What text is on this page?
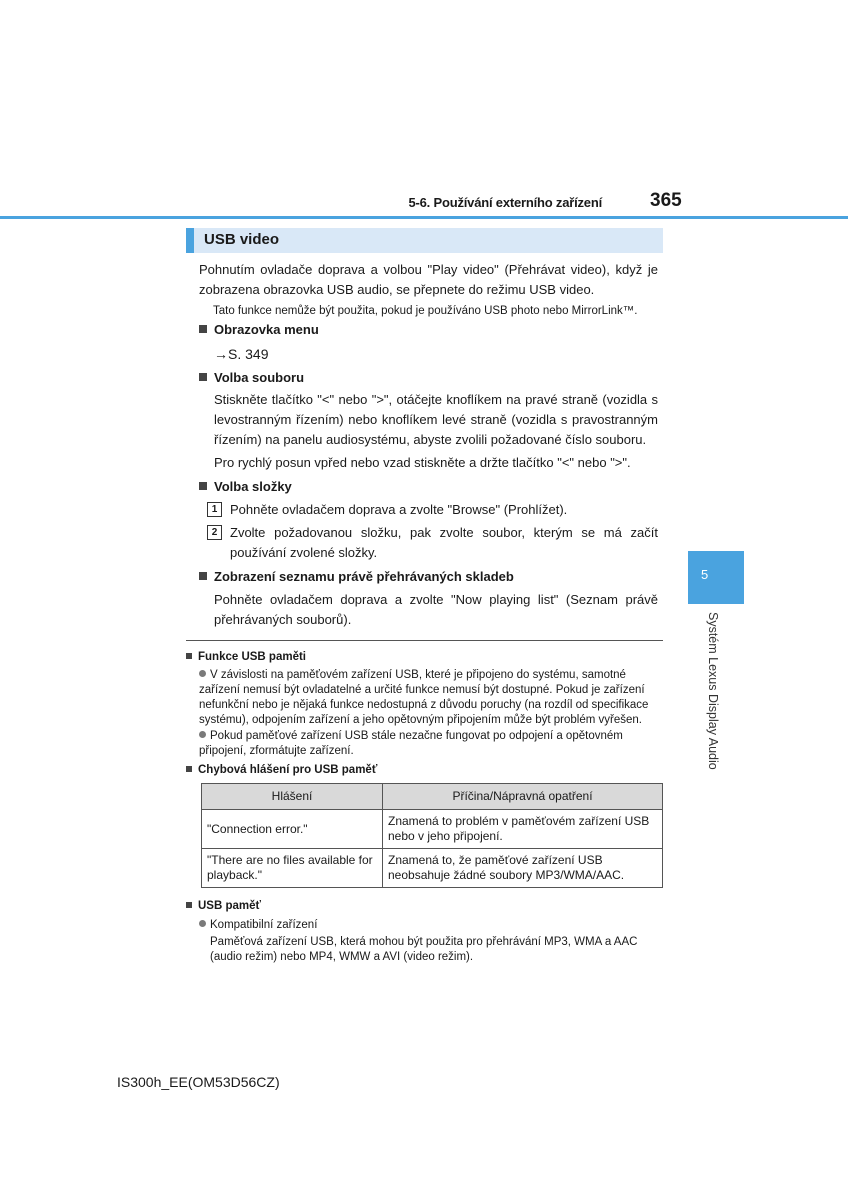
5-6. Používání externího zařízení	365
USB video
Pohnutím ovladače doprava a volbou "Play video" (Přehrávat video), když je zobrazena obrazovka USB audio, se přepnete do režimu USB video.
Tato funkce nemůže být použita, pokud je používáno USB photo nebo MirrorLink™.
Obrazovka menu
→S. 349
Volba souboru
Stiskněte tlačítko "<" nebo ">", otáčejte knoflíkem na pravé straně (vozidla s levostranným řízením) nebo knoflíkem levé straně (vozidla s pravostranným řízením) na panelu audiosystému, abyste zvolili požadované číslo souboru.
Pro rychlý posun vpřed nebo vzad stiskněte a držte tlačítko "<" nebo ">".
Volba složky
1 Pohněte ovladačem doprava a zvolte "Browse" (Prohlížet).
2 Zvolte požadovanou složku, pak zvolte soubor, kterým se má začít používání zvolené složky.
Zobrazení seznamu právě přehrávaných skladeb
Pohněte ovladačem doprava a zvolte "Now playing list" (Seznam právě přehrávaných souborů).
Funkce USB paměti
V závislosti na paměťovém zařízení USB, které je připojeno do systému, samotné zařízení nemusí být ovladatelné a určité funkce nemusí být dostupné. Pokud je zařízení nefunkční nebo je nějaká funkce nedostupná z důvodu poruchy (na rozdíl od specifikace systému), odpojením zařízení a jeho opětovným připojením může být problém vyřešen.
Pokud paměťové zařízení USB stále nezačne fungovat po odpojení a opětovném připojení, zformátujte zařízení.
Chybová hlášení pro USB paměť
Hlášení	Příčina/Nápravná opatření
"Connection error."	Znamená to problém v paměťovém zařízení USB nebo v jeho připojení.
"There are no files available for playback."	Znamená to, že paměťové zařízení USB neobsahuje žádné soubory MP3/WMA/AAC.
USB paměť
Kompatibilní zařízení
Paměťová zařízení USB, která mohou být použita pro přehrávání MP3, WMA a AAC (audio režim) nebo MP4, WMW a AVI (video režim).
5
Systém Lexus Display Audio
IS300h_EE(OM53D56CZ)
